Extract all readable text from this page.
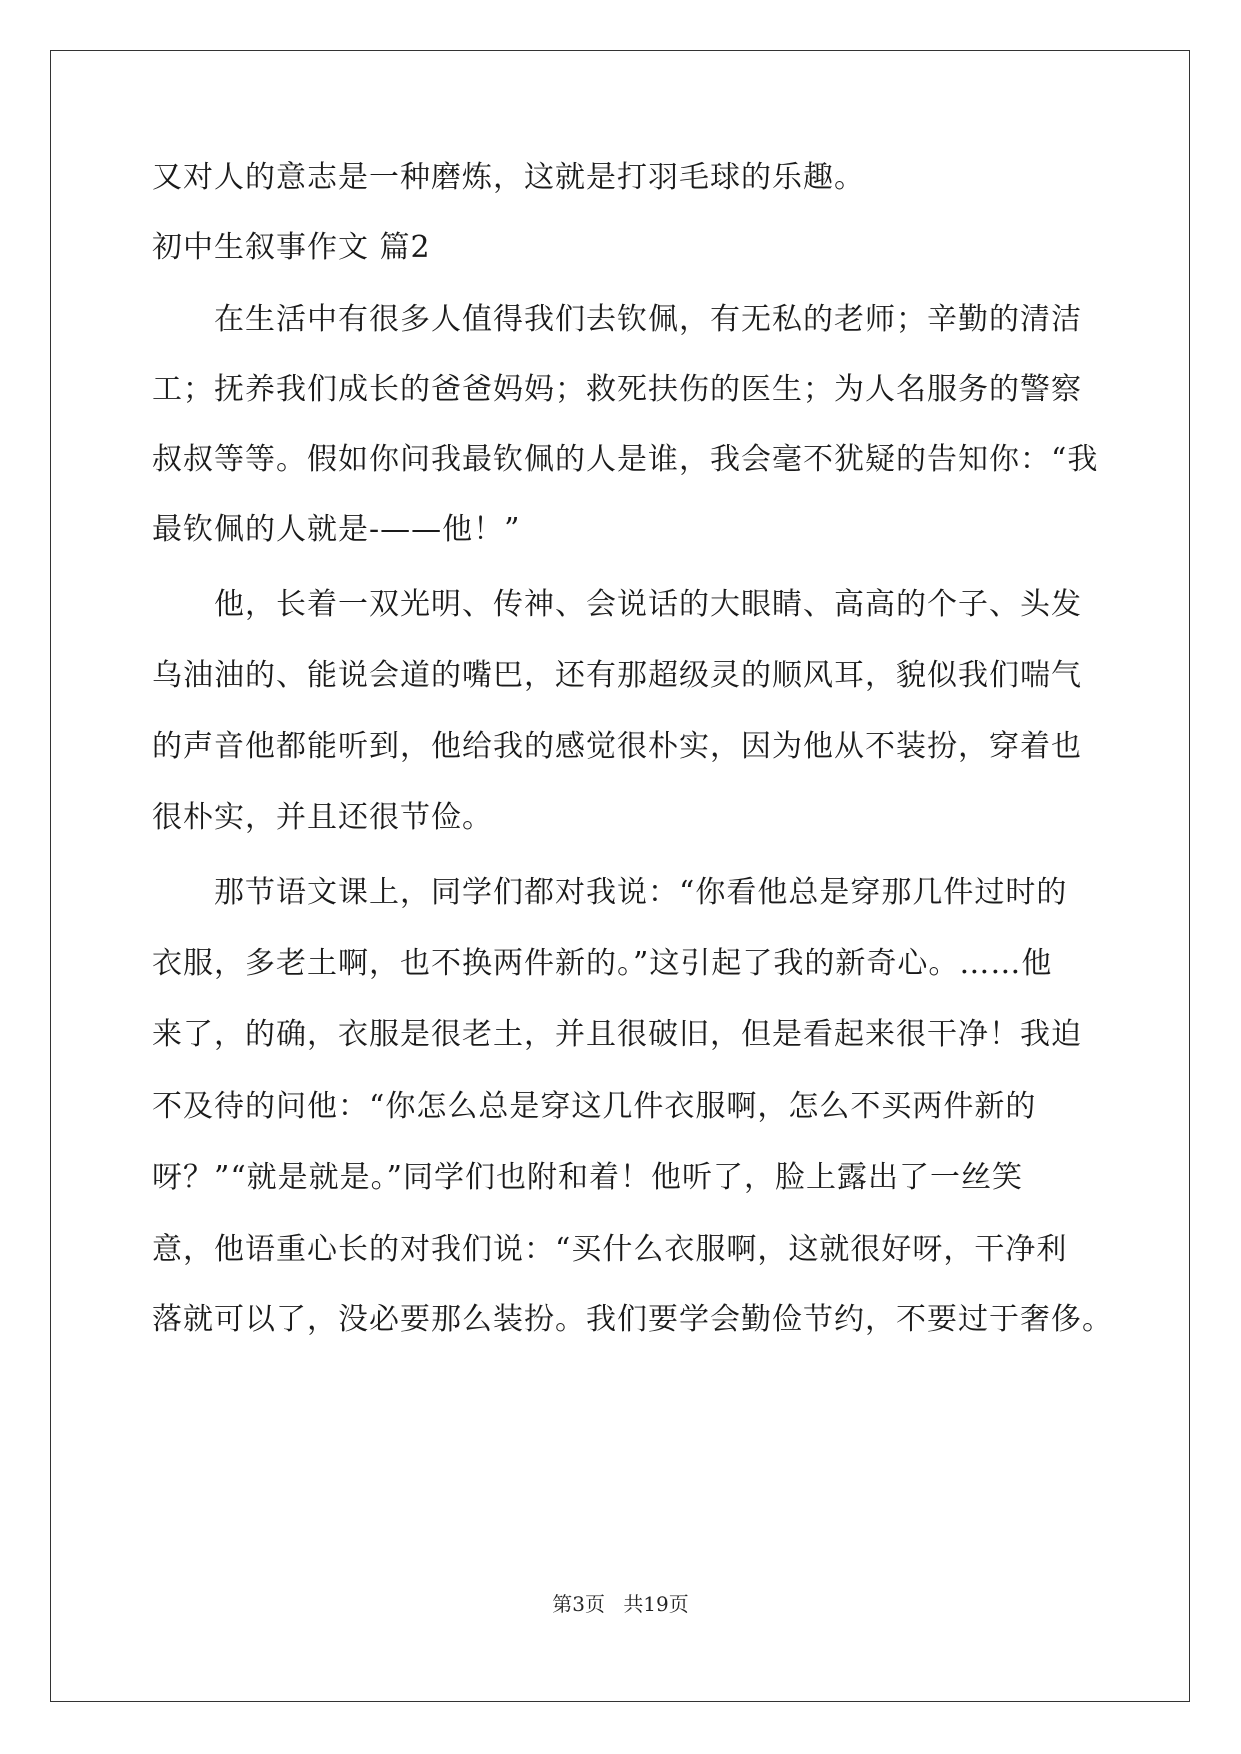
又对人的意志是一种磨炼，这就是打羽毛球的乐趣。
初中生叙事作文 篇2
在生活中有很多人值得我们去钦佩，有无私的老师；辛勤的清洁
工；抚养我们成长的爸爸妈妈；救死扶伤的医生；为人名服务的警察
叔叔等等。假如你问我最钦佩的人是谁，我会毫不犹疑的告知你：“我
最钦佩的人就是-——他！”
他，长着一双光明、传神、会说话的大眼睛、高高的个子、头发
乌油油的、能说会道的嘴巴，还有那超级灵的顺风耳，貌似我们喘气
的声音他都能听到，他给我的感觉很朴实，因为他从不装扮，穿着也
很朴实，并且还很节俭。
那节语文课上，同学们都对我说：“你看他总是穿那几件过时的
衣服，多老土啊，也不换两件新的。”这引起了我的新奇心。……他
来了，的确，衣服是很老土，并且很破旧，但是看起来很干净！我迫
不及待的问他：“你怎么总是穿这几件衣服啊，怎么不买两件新的
呀？”“就是就是。”同学们也附和着！他听了，脸上露出了一丝笑
意，他语重心长的对我们说：“买什么衣服啊，这就很好呀，干净利
落就可以了，没必要那么装扮。我们要学会勤俭节约，不要过于奢侈。
第3页 共19页
